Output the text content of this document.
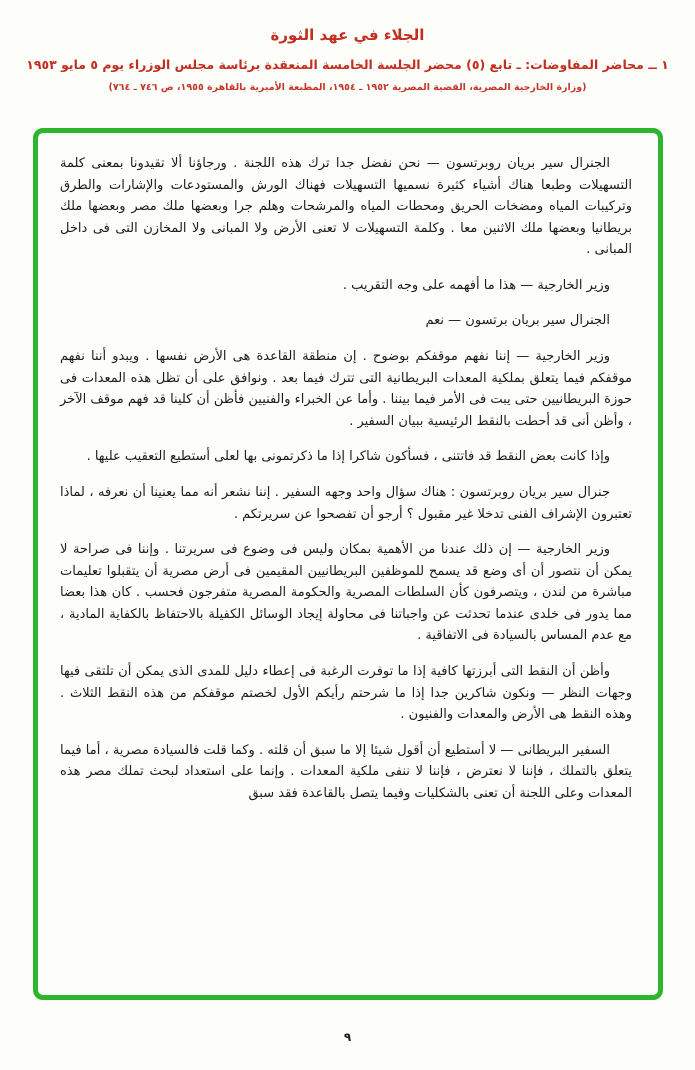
الجلاء في عهد الثورة
١ ــ محاضر المفاوضات: ـ تابع (٥) محضر الجلسة الخامسة المنعقدة برئاسة مجلس الوزراء يوم ٥ مايو ١٩٥٣
(وزارة الخارجية المصرية، القضية المصرية ١٩٥٢ ـ ١٩٥٤، المطبعة الأميرية بالقاهرة ١٩٥٥، ص ٧٤٦ ـ ٧٦٤)

الجنرال سير بريان روبرتسون — نحن نفضل جدا ترك هذه اللجنة . ورجاؤنا ألا تقيدونا بمعنى كلمة التسهيلات وطبعا هناك أشياء كثيرة نسميها التسهيلات فهناك الورش والمستودعات والإشارات والطرق وتركيبات المياه ومضخات الحريق ومحطات المياه والمرشحات وهلم جرا وبعضها ملك مصر وبعضها ملك بريطانيا وبعضها ملك الاثنين معا . وكلمة التسهيلات لا تعنى الأرض ولا المبانى ولا المخازن التى فى داخل المبانى .

وزير الخارجية — هذا ما أفهمه على وجه التقريب .

الجنرال سير بريان برتسون — نعم

وزير الخارجية — إننا نفهم موقفكم بوضوح . إن منطقة القاعدة هى الأرض نفسها . ويبدو أننا نفهم موقفكم فيما يتعلق بملكية المعدات البريطانية التى تترك فيما بعد . ونوافق على أن تظل هذه المعدات فى حوزة البريطانيين حتى يبت فى الأمر فيما بيننا . وأما عن الخبراء والفنيين فأظن أن كلينا قد فهم موقف الآخر ، وأظن أنى قد أحطت بالنقط الرئيسية ببيان السفير .

وإذا كانت بعض النقط قد فاتتنى ، فسأكون شاكرا إذا ما ذكرتمونى بها لعلى أستطيع التعقيب عليها .

جنرال سير بريان روبرتسون : هناك سؤال واحد وجهه السفير . إننا نشعر أنه مما يعنينا أن نعرفه ، لماذا تعتبرون الإشراف الفنى تدخلا غير مقبول ؟ أرجو أن تفصحوا عن سريرتكم .

وزير الخارجية — إن ذلك عندنا من الأهمية بمكان وليس فى وضوع فى سريرتنا . وإننا فى صراحة لا يمكن أن نتصور أن أى وضع قد يسمح للموظفين البريطانيين المقيمين فى أرض مصرية أن يتقبلوا تعليمات مباشرة من لندن ، ويتصرفون كأن السلطات المصرية والحكومة المصرية متفرجون فحسب . كان هذا بعضا مما يدور فى خلدى عندما تحدثت عن واجباتنا فى محاولة إيجاد الوسائل الكفيلة بالاحتفاظ بالكفاية المادية ، مع عدم المساس بالسيادة فى الاتفاقية .

وأظن أن النقط التى أبرزتها كافية إذا ما توفرت الرغبة فى إعطاء دليل للمدى الذى يمكن أن تلتقى فيها وجهات النظر — ونكون شاكرين جدا إذا ما شرحتم رأيكم الأول لخصتم موقفكم من هذه النقط الثلاث . وهذه النقط هى الأرض والمعدات والفنيون .

السفير البريطانى — لا أستطيع أن أقول شيئا إلا ما سبق أن قلته . وكما قلت فالسيادة مصرية ، أما فيما يتعلق بالتملك ، فإننا لا نعترض ، فإننا لا ننفى ملكية المعدات . وإنما على استعداد لبحث تملك مصر هذه المعدات وعلى اللجنة أن تعنى بالشكليات وفيما يتصل بالقاعدة فقد سبق

٩
